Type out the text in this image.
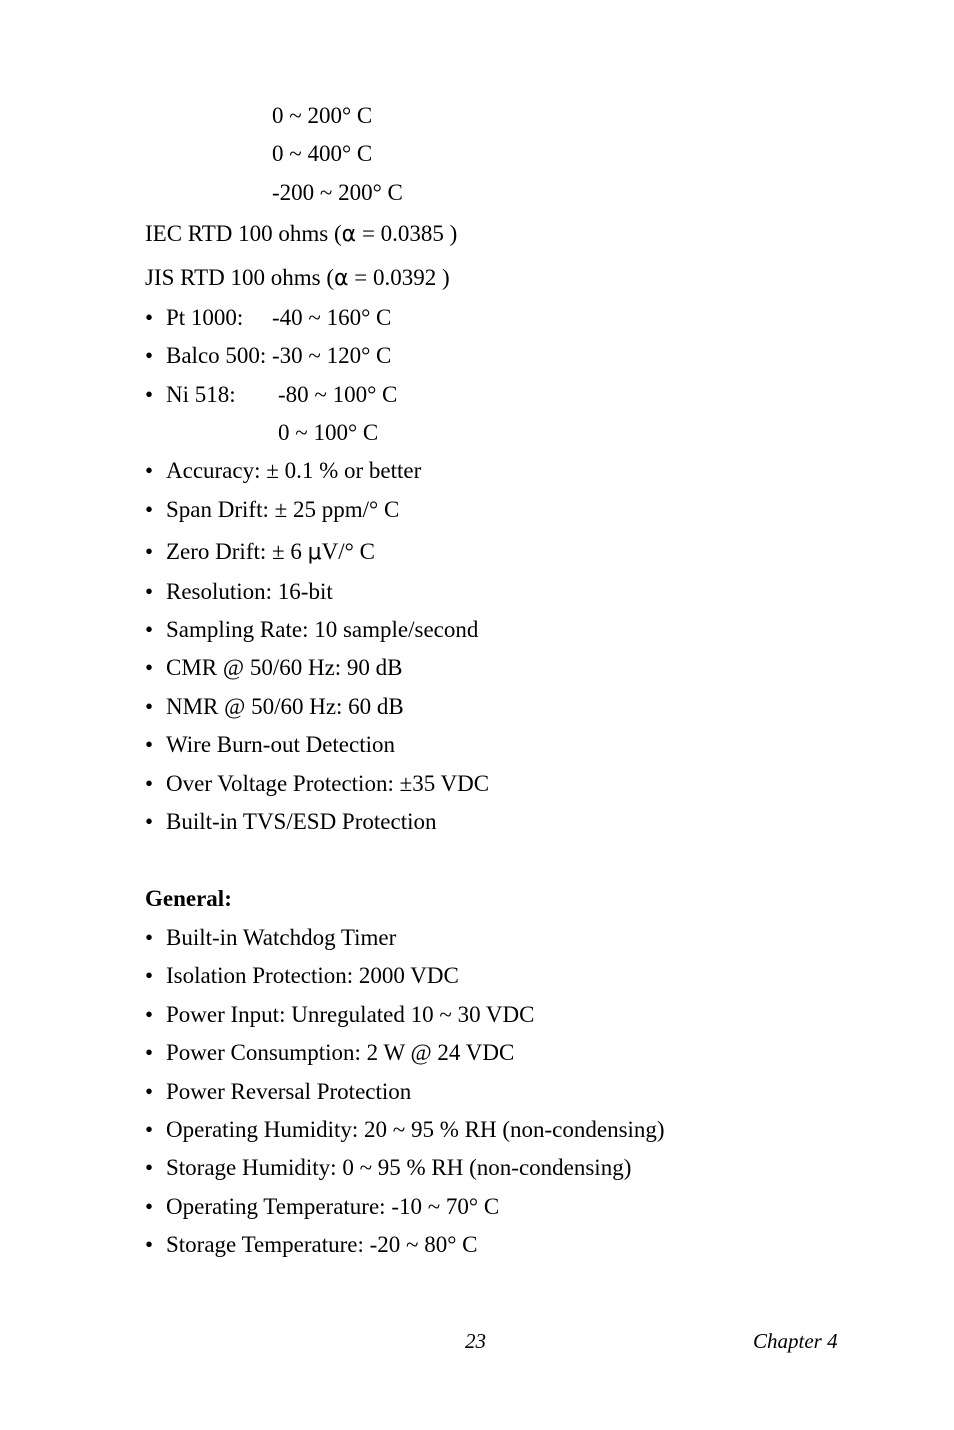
0 ~ 200° C
0 ~ 400° C
-200 ~ 200° C
IEC RTD 100 ohms (α = 0.0385 )
JIS RTD 100 ohms (α = 0.0392 )
• Pt 1000: -40 ~ 160° C
• Balco 500: -30 ~ 120° C
• Ni 518: -80 ~ 100° C
0 ~ 100° C
• Accuracy: ± 0.1 % or better
• Span Drift: ± 25 ppm/° C
• Zero Drift: ± 6 μV/° C
• Resolution: 16-bit
• Sampling Rate: 10 sample/second
• CMR @ 50/60 Hz: 90 dB
• NMR @ 50/60 Hz: 60 dB
• Wire Burn-out Detection
• Over Voltage Protection: ±35 VDC
• Built-in TVS/ESD Protection
General:
• Built-in Watchdog Timer
• Isolation Protection: 2000 VDC
• Power Input: Unregulated 10 ~ 30 VDC
• Power Consumption: 2 W @ 24 VDC
• Power Reversal Protection
• Operating Humidity: 20 ~ 95 % RH (non-condensing)
• Storage Humidity: 0 ~ 95 % RH (non-condensing)
• Operating Temperature: -10 ~ 70° C
• Storage Temperature: -20 ~ 80° C
23	Chapter 4
